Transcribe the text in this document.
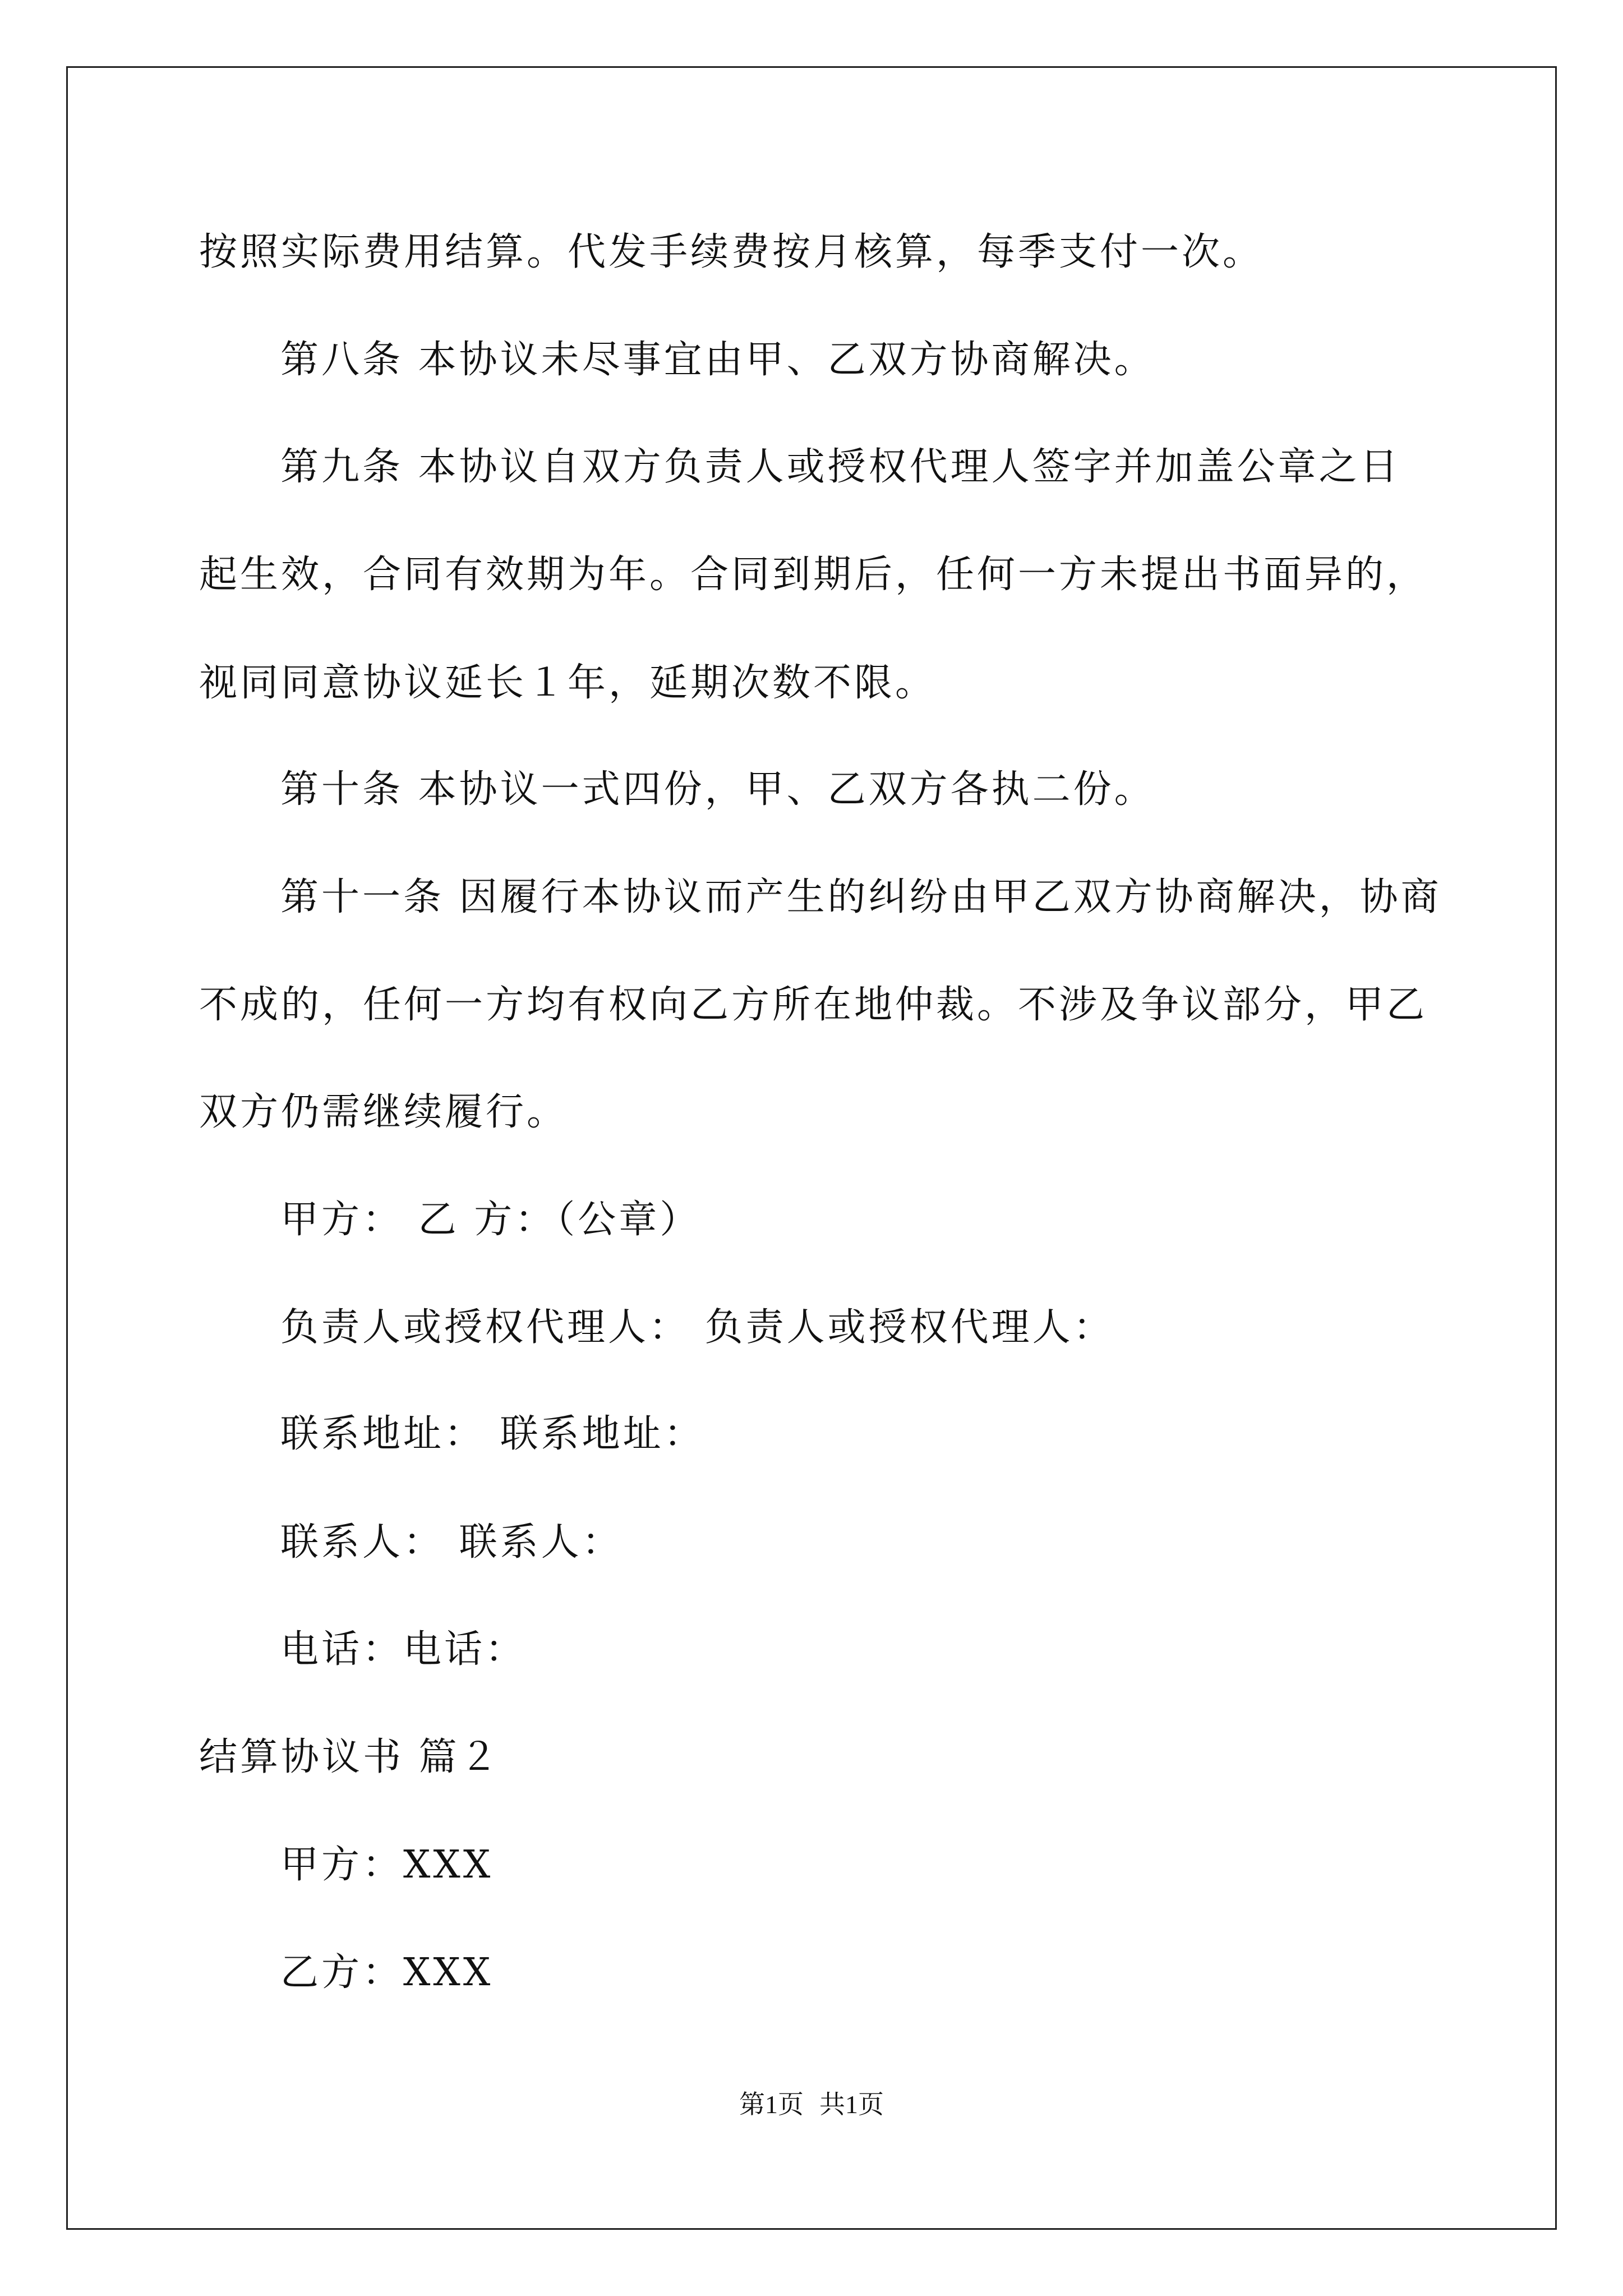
按照实际费用结算。代发手续费按月核算，每季支付一次。
第八条 本协议未尽事宜由甲、乙双方协商解决。
第九条 本协议自双方负责人或授权代理人签字并加盖公章之日
起生效，合同有效期为年。合同到期后，任何一方未提出书面异的，
视同同意协议延长１年，延期次数不限。
第十条 本协议一式四份，甲、乙双方各执二份。
第十一条 因履行本协议而产生的纠纷由甲乙双方协商解决，协商
不成的，任何一方均有权向乙方所在地仲裁。不涉及争议部分，甲乙
双方仍需继续履行。
甲方： 乙 方：（公章）
负责人或授权代理人： 负责人或授权代理人：
联系地址： 联系地址：
联系人： 联系人：
电话：电话：
结算协议书 篇２
甲方：XXX
乙方：XXX
第1页 共1页
